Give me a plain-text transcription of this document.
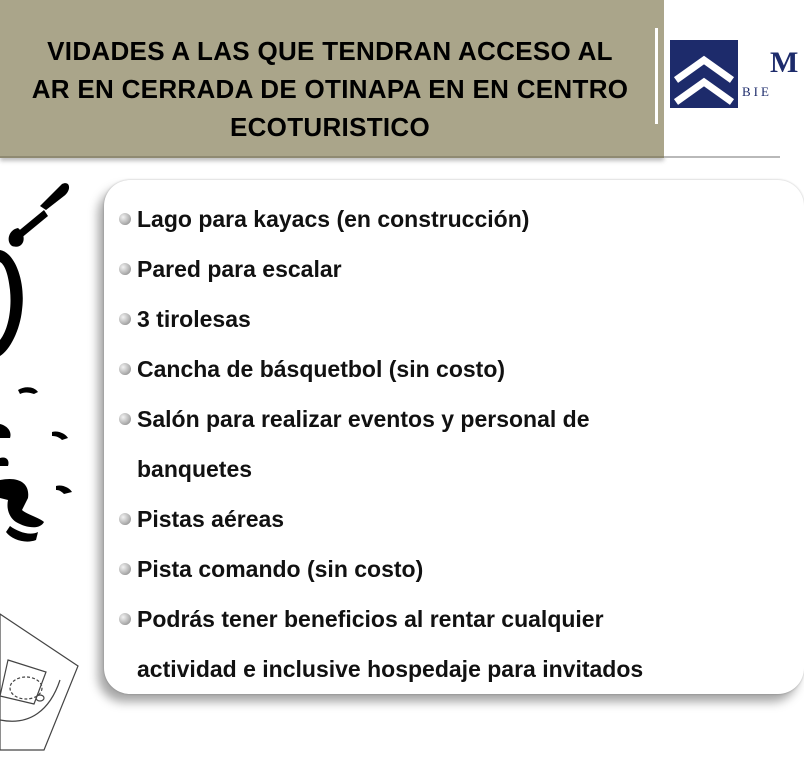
VIDADES A LAS QUE TENDRAN ACCESO AL
AR EN CERRADA DE OTINAPA EN EN CENTRO
ECOTURISTICO
M
BIE
Lago para kayacs (en construcción)
Pared para escalar
3 tirolesas
Cancha de básquetbol (sin costo)
Salón para realizar eventos y personal de
banquetes
Pistas aéreas
Pista comando (sin costo)
Podrás tener beneficios al rentar cualquier
actividad e inclusive hospedaje para invitados
